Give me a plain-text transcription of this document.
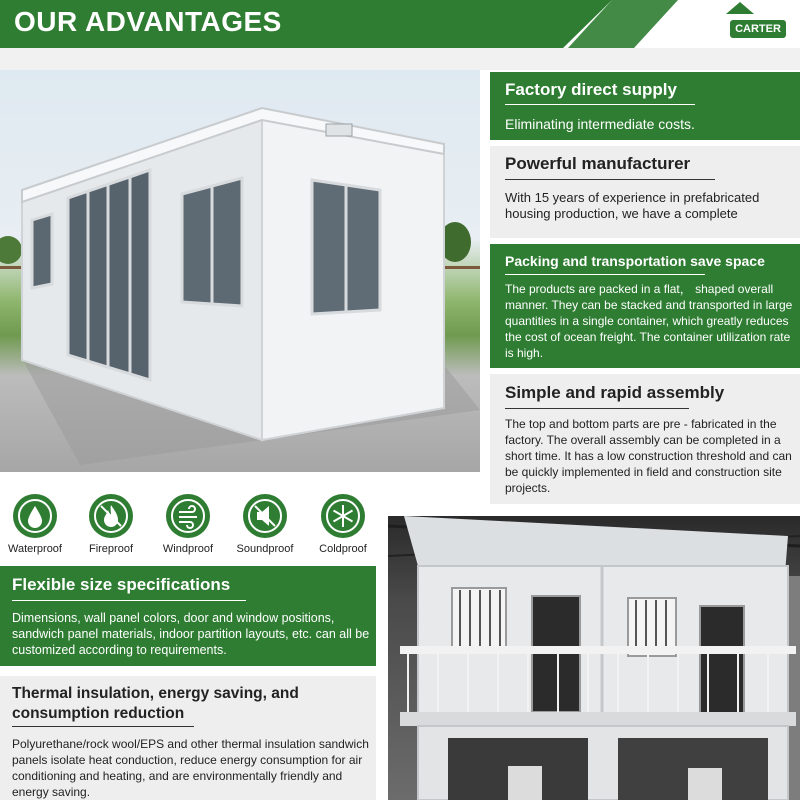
OUR ADVANTAGES	CARTER
Factory direct supply
Eliminating intermediate costs.
Powerful manufacturer
With 15 years of experience in prefabricated housing production, we have a complete
Packing and transportation save space
The products are packed in a flat， shaped overall manner. They can be stacked and transported in large quantities in a single container, which greatly reduces the cost of ocean freight. The container utilization rate is high.
Simple and rapid assembly
The top and bottom parts are pre - fabricated in the factory. The overall assembly can be completed in a short time. It has a low construction threshold and can be quickly implemented in field and construction site projects.
Waterproof	Fireproof	Windproof	Soundproof	Coldproof
Flexible size specifications
Dimensions, wall panel colors, door and window positions, sandwich panel materials, indoor partition layouts, etc. can all be customized according to requirements.
Thermal insulation, energy saving, and consumption reduction
Polyurethane/rock wool/EPS and other thermal insulation sandwich panels isolate heat conduction, reduce energy consumption for air conditioning and heating, and are environmentally friendly and energy saving.
